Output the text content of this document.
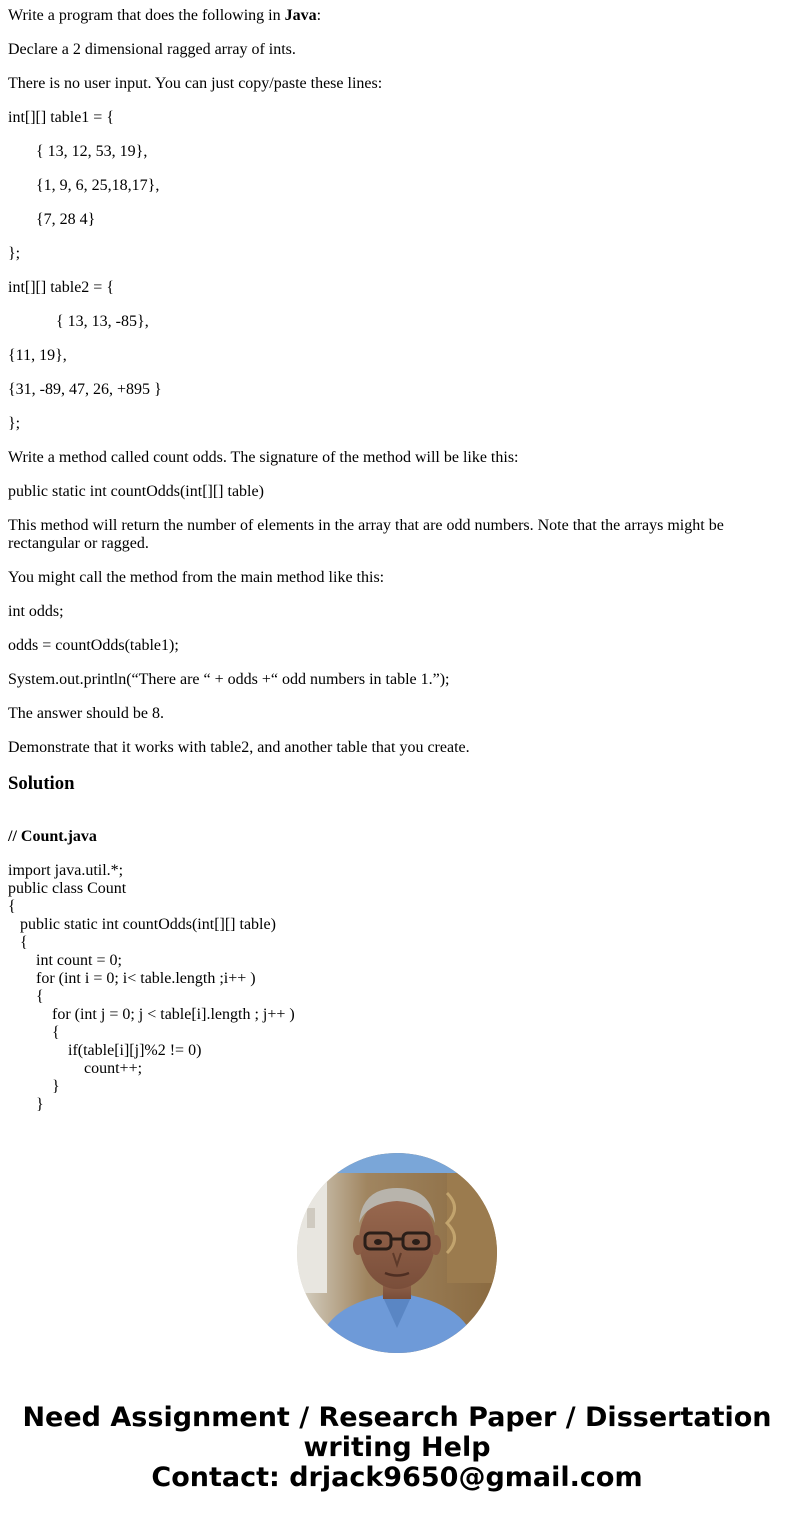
Write a program that does the following in Java:

Declare a 2 dimensional ragged array of ints.

There is no user input. You can just copy/paste these lines:

int[][] table1 = {

{ 13, 12, 53, 19},

{1, 9, 6, 25,18,17},

{7, 28 4}

};

int[][] table2 = {

{ 13, 13, -85},

{11, 19},

{31, -89, 47, 26, +895 }

};

Write a method called count odds. The signature of the method will be like this:

public static int countOdds(int[][] table)

This method will return the number of elements in the array that are odd numbers. Note that the arrays might be rectangular or ragged.

You might call the method from the main method like this:

int odds;

odds = countOdds(table1);

System.out.println(“There are “ + odds +“ odd numbers in table 1.”);

The answer should be 8.

Demonstrate that it works with table2, and another table that you create.

Solution

// Count.java

import java.util.*;
public class Count
{
public static int countOdds(int[][] table)
{
int count = 0;
for (int i = 0; i< table.length ;i++ )
{
for (int j = 0; j < table[i].length ; j++ )
{
if(table[i][j]%2 != 0)
count++;
}
}
Need Assignment / Research Paper / Dissertation
writing Help
Contact: drjack9650@gmail.com
